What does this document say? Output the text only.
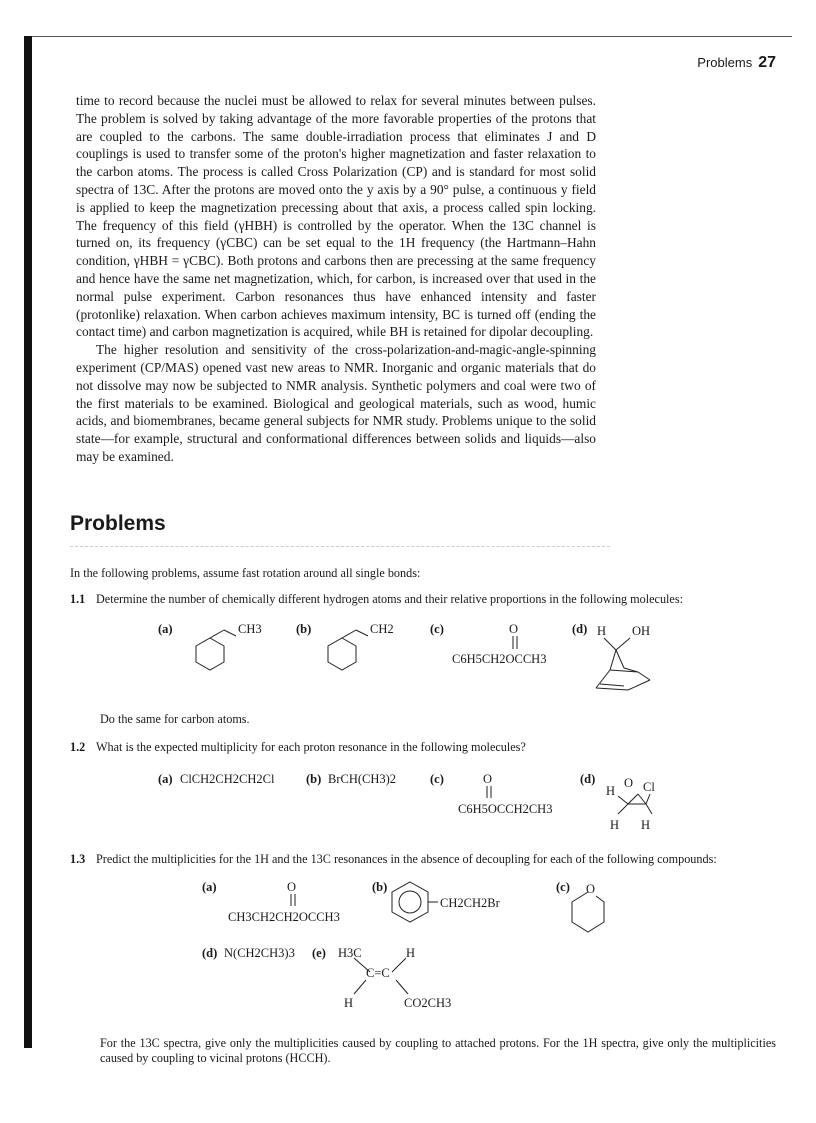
Problems 27

time to record because the nuclei must be allowed to relax for several minutes between pulses. The problem is solved by taking advantage of the more favorable properties of the protons that are coupled to the carbons. The same double-irradiation process that eliminates J and D couplings is used to transfer some of the proton's higher magnetization and faster relaxation to the carbon atoms. The process is called Cross Polarization (CP) and is standard for most solid spectra of 13C. After the protons are moved onto the y axis by a 90° pulse, a continuous y field is applied to keep the magnetization precessing about that axis, a process called spin locking. The frequency of this field (γHBH) is controlled by the operator. When the 13C channel is turned on, its frequency (γCBC) can be set equal to the 1H frequency (the Hartmann–Hahn condition, γHBH = γCBC). Both protons and carbons then are precessing at the same frequency and hence have the same net magnetization, which, for carbon, is increased over that used in the normal pulse experiment. Carbon resonances thus have enhanced intensity and faster (protonlike) relaxation. When carbon achieves maximum intensity, BC is turned off (ending the contact time) and carbon magnetization is acquired, while BH is retained for dipolar decoupling.

The higher resolution and sensitivity of the cross-polarization-and-magic-angle-spinning experiment (CP/MAS) opened vast new areas to NMR. Inorganic and organic materials that do not dissolve may now be subjected to NMR analysis. Synthetic polymers and coal were two of the first materials to be examined. Biological and geological materials, such as wood, humic acids, and biomembranes, became general subjects for NMR study. Problems unique to the solid state—for example, structural and conformational differences between solids and liquids—also may be examined.

Problems
In the following problems, assume fast rotation around all single bonds:
1.1 Determine the number of chemically different hydrogen atoms and their relative proportions in the following molecules:
(a)	CH3	(b)	CH2	(c)	O
C6H5CH2OCCH3
(d) H OH
Do the same for carbon atoms.
1.2 What is the expected multiplicity for each proton resonance in the following molecules?
(a) ClCH2CH2CH2Cl	(b) BrCH(CH3)2	(c)	O
C6H5OCCH2CH3
(d)
H
O Cl
H H
1.3 Predict the multiplicities for the 1H and the 13C resonances in the absence of decoupling for each of the following compounds:
(a)	O
CH3CH2CH2OCCH3
(b)
CH2CH2Br
(c) O
(d) N(CH2CH3)3 (e) H3C	H
C=C
H	CO2CH3
For the 13C spectra, give only the multiplicities caused by coupling to attached protons. For the 1H spectra, give only the multiplicities caused by coupling to vicinal protons (HCCH).
